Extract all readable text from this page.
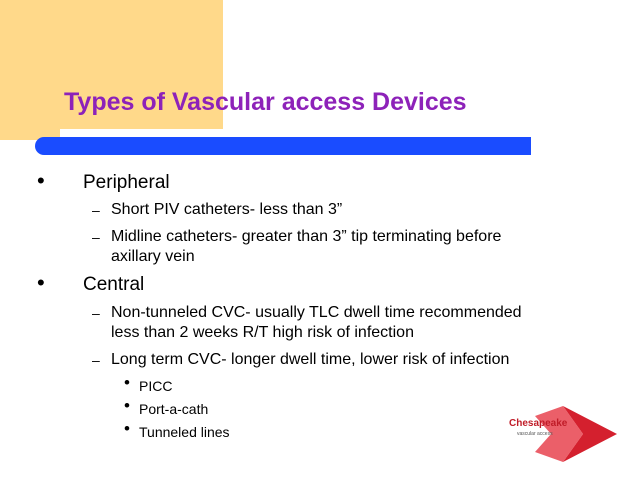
Types of Vascular access Devices
• Peripheral
– Short PIV catheters- less than 3”
– Midline catheters- greater than 3” tip terminating before
axillary vein
• Central
– Non-tunneled CVC- usually TLC dwell time recommended
less than 2 weeks R/T high risk of infection
– Long term CVC- longer dwell time, lower risk of infection
• PICC
• Port-a-cath
• Tunneled lines
Chesapeake
vascular access
